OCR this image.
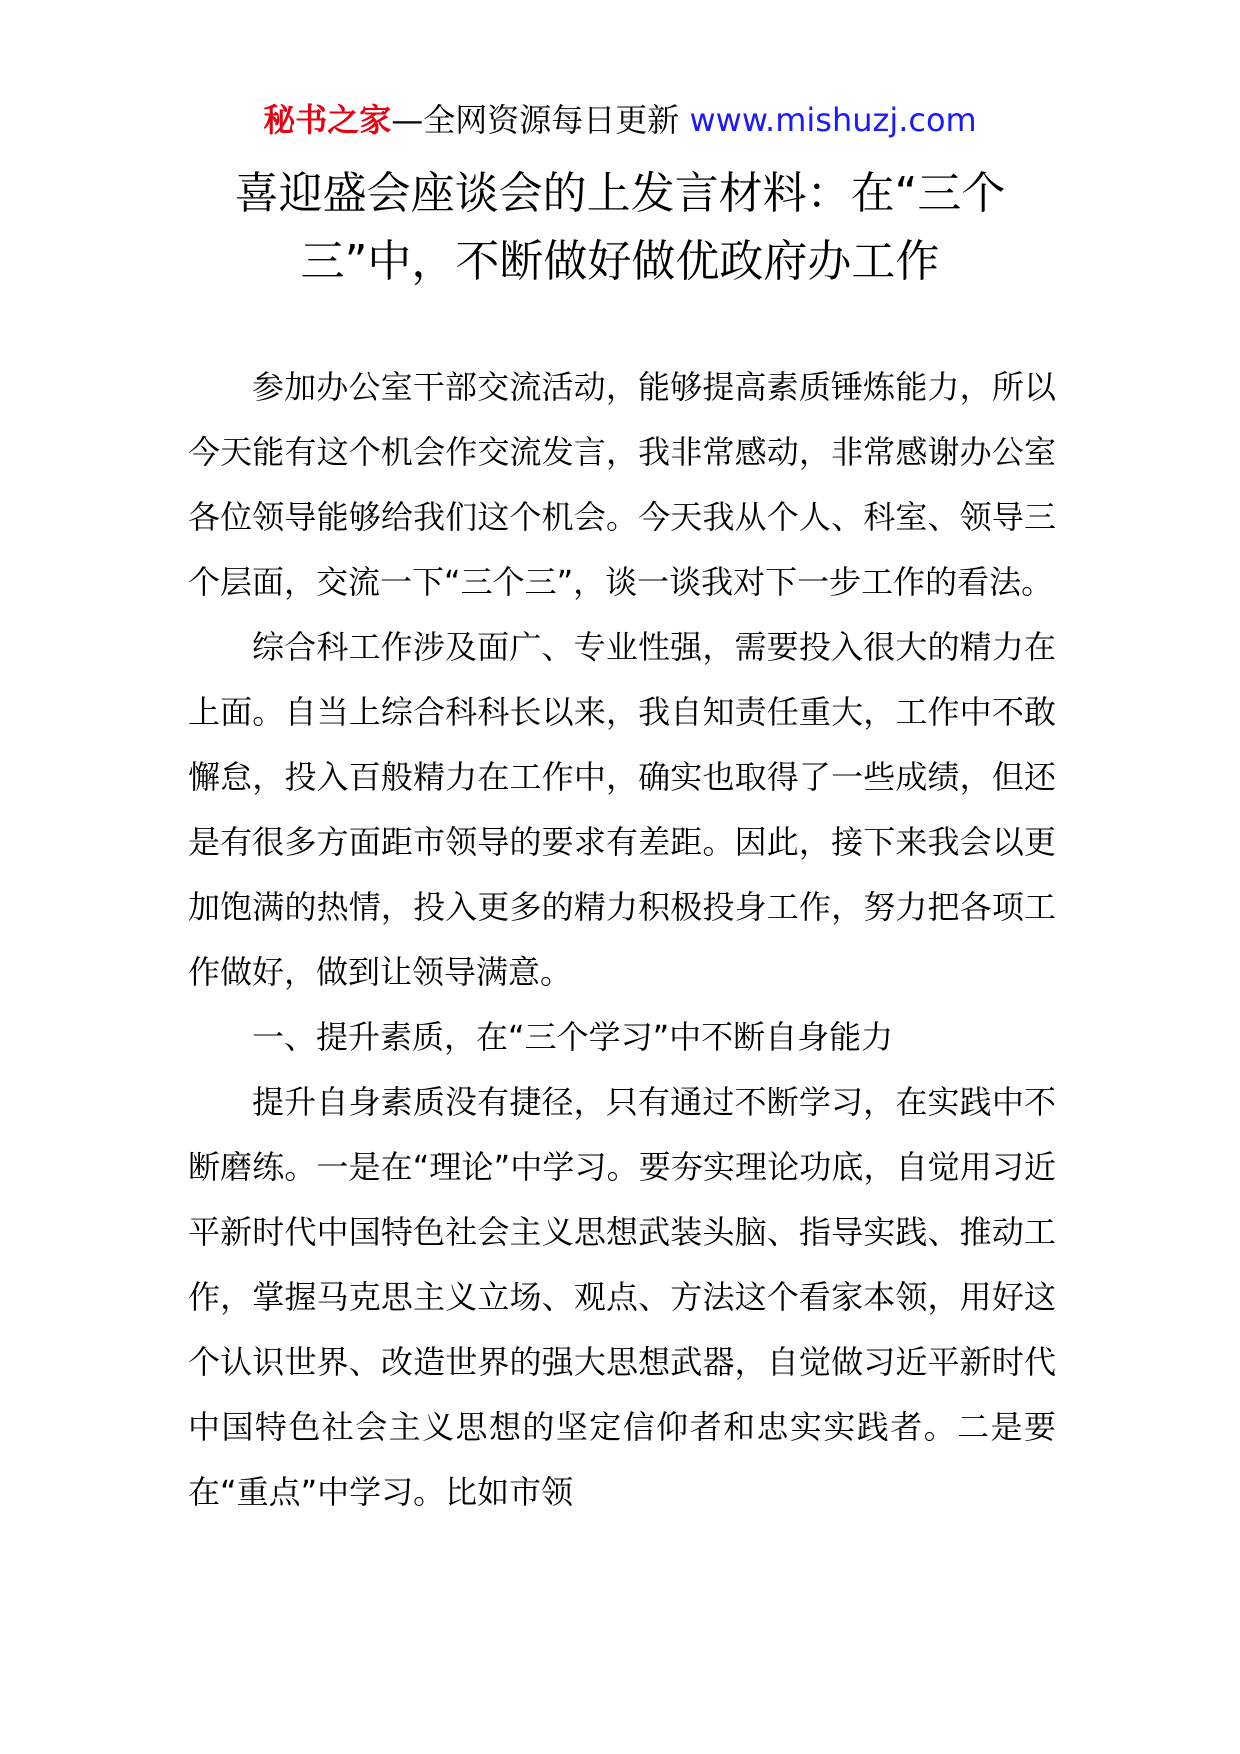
秘书之家—全网资源每日更新 www.mishuzj.com
喜迎盛会座谈会的上发言材料：在“三个
三”中，不断做好做优政府办工作

参加办公室干部交流活动，能够提高素质锤炼能力，所以今天能有这个机会作交流发言，我非常感动，非常感谢办公室各位领导能够给我们这个机会。今天我从个人、科室、领导三个层面，交流一下“三个三”，谈一谈我对下一步工作的看法。

综合科工作涉及面广、专业性强，需要投入很大的精力在上面。自当上综合科科长以来，我自知责任重大，工作中不敢懈怠，投入百般精力在工作中，确实也取得了一些成绩，但还是有很多方面距市领导的要求有差距。因此，接下来我会以更加饱满的热情，投入更多的精力积极投身工作，努力把各项工作做好，做到让领导满意。

一、提升素质，在“三个学习”中不断自身能力

提升自身素质没有捷径，只有通过不断学习，在实践中不断磨练。一是在“理论”中学习。要夯实理论功底，自觉用习近平新时代中国特色社会主义思想武装头脑、指导实践、推动工作，掌握马克思主义立场、观点、方法这个看家本领，用好这个认识世界、改造世界的强大思想武器，自觉做习近平新时代中国特色社会主义思想的坚定信仰者和忠实实践者。二是要在“重点”中学习。比如市领
